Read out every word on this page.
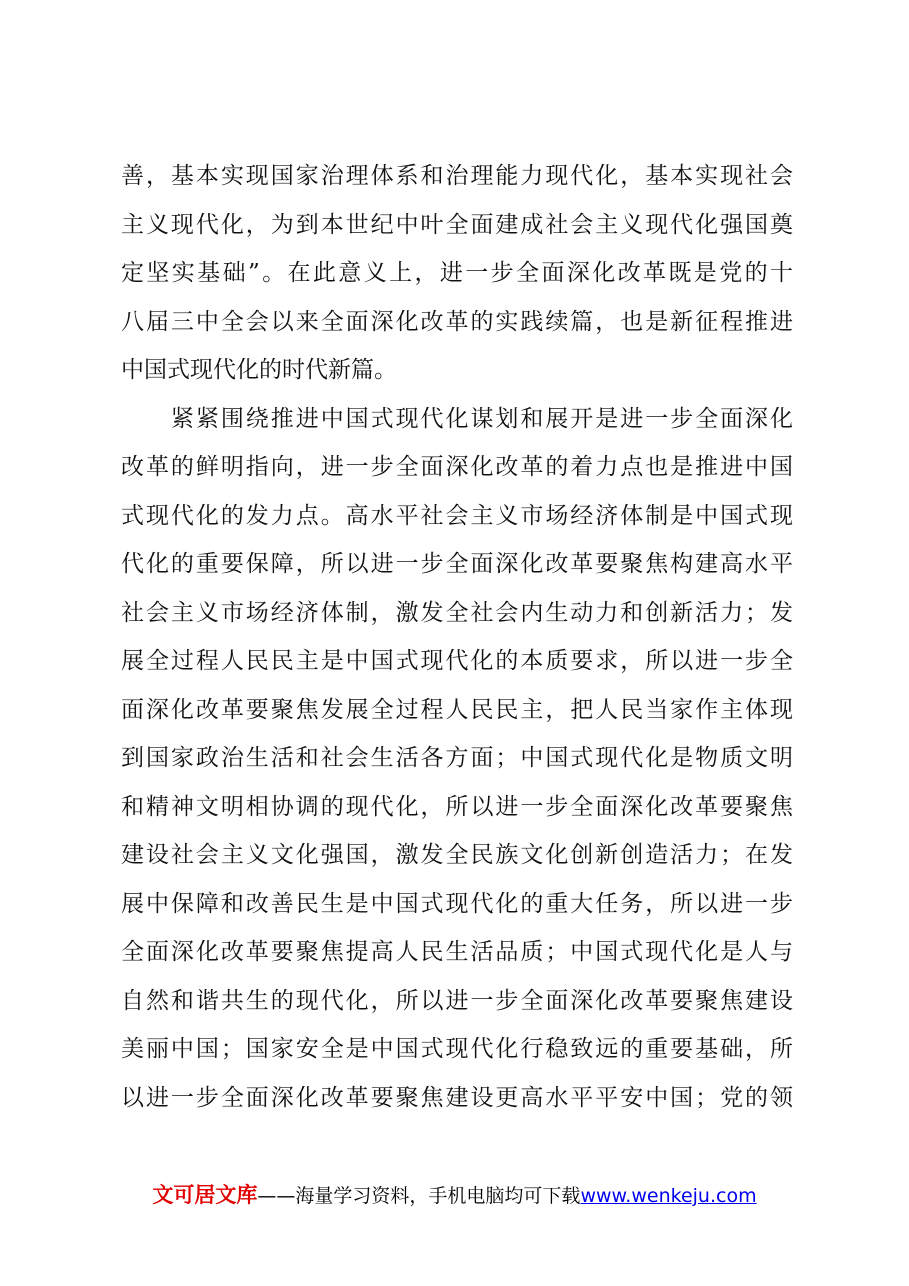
善，基本实现国家治理体系和治理能力现代化，基本实现社会
主义现代化，为到本世纪中叶全面建成社会主义现代化强国奠
定坚实基础”。在此意义上，进一步全面深化改革既是党的十
八届三中全会以来全面深化改革的实践续篇，也是新征程推进
中国式现代化的时代新篇。
　　紧紧围绕推进中国式现代化谋划和展开是进一步全面深化
改革的鲜明指向，进一步全面深化改革的着力点也是推进中国
式现代化的发力点。高水平社会主义市场经济体制是中国式现
代化的重要保障，所以进一步全面深化改革要聚焦构建高水平
社会主义市场经济体制，激发全社会内生动力和创新活力；发
展全过程人民民主是中国式现代化的本质要求，所以进一步全
面深化改革要聚焦发展全过程人民民主，把人民当家作主体现
到国家政治生活和社会生活各方面；中国式现代化是物质文明
和精神文明相协调的现代化，所以进一步全面深化改革要聚焦
建设社会主义文化强国，激发全民族文化创新创造活力；在发
展中保障和改善民生是中国式现代化的重大任务，所以进一步
全面深化改革要聚焦提高人民生活品质；中国式现代化是人与
自然和谐共生的现代化，所以进一步全面深化改革要聚焦建设
美丽中国；国家安全是中国式现代化行稳致远的重要基础，所
以进一步全面深化改革要聚焦建设更高水平平安中国；党的领
文可居文库——海量学习资料，手机电脑均可下载www.wenkeju.com
